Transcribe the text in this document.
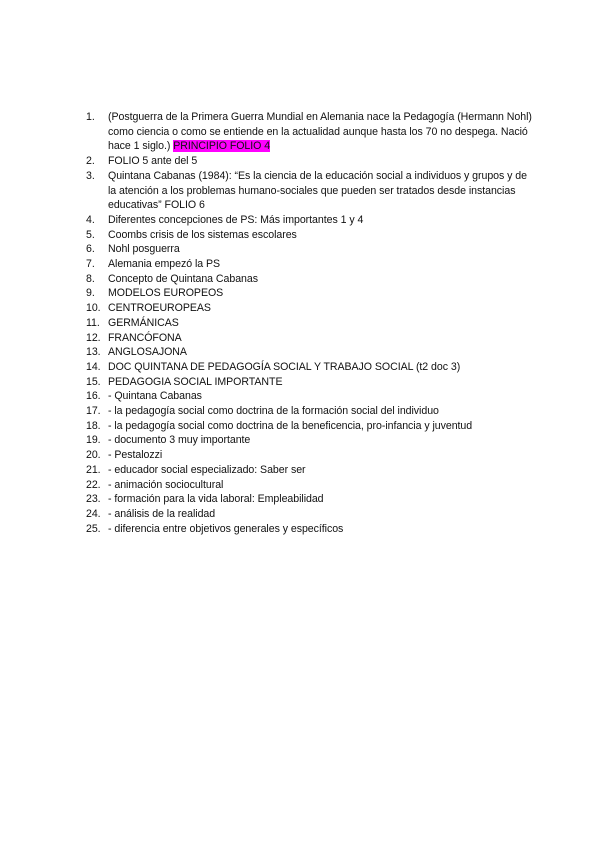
1.	(Postguerra de la Primera Guerra Mundial en Alemania nace la Pedagogía (Hermann Nohl) como ciencia o como se entiende en la actualidad aunque hasta los 70 no despega. Nació hace 1 siglo.) PRINCIPIO FOLIO 4
2.	FOLIO 5 ante del 5
3.	Quintana Cabanas (1984): “Es la ciencia de la educación social a individuos y grupos y de la atención a los problemas humano-sociales que pueden ser tratados desde instancias educativas” FOLIO 6
4.	Diferentes concepciones de PS: Más importantes 1 y 4
5.	Coombs crisis de los sistemas escolares
6.	Nohl posguerra
7.	Alemania empezó la PS
8.	Concepto de Quintana Cabanas
9.	MODELOS EUROPEOS
10. CENTROEUROPEAS
11. GERMÁNICAS
12. FRANCÓFONA
13. ANGLOSAJONA
14. DOC QUINTANA DE PEDAGOGÍA SOCIAL Y TRABAJO SOCIAL (t2 doc 3)
15. PEDAGOGIA SOCIAL IMPORTANTE
16. - Quintana Cabanas
17. - la pedagogía social como doctrina de la formación social del individuo
18. - la pedagogía social como doctrina de la beneficencia, pro-infancia y juventud
19. - documento 3 muy importante
20. - Pestalozzi
21. - educador social especializado: Saber ser
22. - animación sociocultural
23. - formación para la vida laboral: Empleabilidad
24. - análisis de la realidad
25. - diferencia entre objetivos generales y específicos
